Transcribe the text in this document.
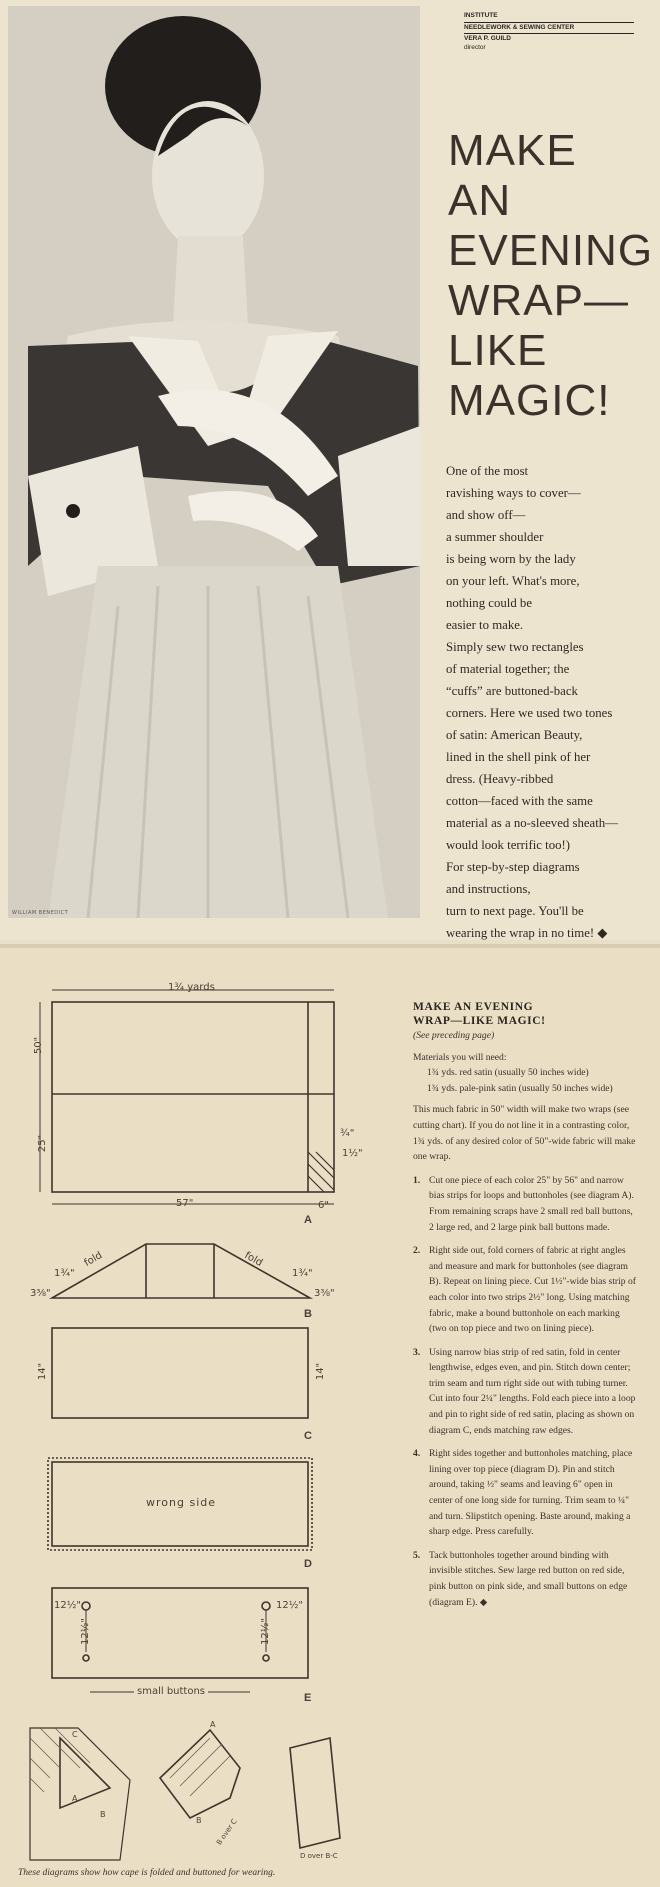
WILLIAM BENEDICT
INSTITUTE
NEEDLEWORK & SEWING CENTER
VERA P. GUILD
director
MAKE
AN
EVENING
WRAP—
LIKE
MAGIC!
One of the most
ravishing ways to cover—
and show off—
a summer shoulder
is being worn by the lady
on your left. What's more,
nothing could be
easier to make.
Simply sew two rectangles
of material together; the
“cuffs” are buttoned-back
corners. Here we used two tones
of satin: American Beauty,
lined in the shell pink of her
dress. (Heavy-ribbed
cotton—faced with the same
material as a no-sleeved sheath—
would look terrific too!)
For step-by-step diagrams
and instructions,
turn to next page. You'll be
wearing the wrap in no time! ◆
1¾ yards
50"
25"
57"	6"
¾"
1½"
A
fold	fold
1¾"
3⅜"
1¾"
3⅜"
B
14"	14"
C
wrong side
D
12½"	12½"
12½"	12½"
small buttons
E
C
A
B
A
B B over C
D over B-C
These diagrams show how cape is folded and buttoned for wearing.
MAKE AN EVENING
WRAP—LIKE MAGIC!
(See preceding page)
Materials you will need:
1¾ yds. red satin (usually 50 inches wide)
1¾ yds. pale-pink satin (usually 50 inches wide)
This much fabric in 50" width will make two wraps (see cutting chart). If you do not line it in a contrasting color, 1¾ yds. of any desired color of 50"-wide fabric will make one wrap.
1. Cut one piece of each color 25" by 56" and narrow bias strips for loops and buttonholes (see diagram A). From remaining scraps have 2 small red ball buttons, 2 large red, and 2 large pink ball buttons made.
2. Right side out, fold corners of fabric at right angles and measure and mark for buttonholes (see diagram B). Repeat on lining piece. Cut 1½"-wide bias strip of each color into two strips 2½" long. Using matching fabric, make a bound buttonhole on each marking (two on top piece and two on lining piece).
3. Using narrow bias strip of red satin, fold in center lengthwise, edges even, and pin. Stitch down center; trim seam and turn right side out with tubing turner. Cut into four 2¼" lengths. Fold each piece into a loop and pin to right side of red satin, placing as shown on diagram C, ends matching raw edges.
4. Right sides together and buttonholes matching, place lining over top piece (diagram D). Pin and stitch around, taking ½" seams and leaving 6" open in center of one long side for turning. Trim seam to ¼" and turn. Slipstitch opening. Baste around, making a sharp edge. Press carefully.
5. Tack buttonholes together around binding with invisible stitches. Sew large red button on red side, pink button on pink side, and small buttons on edge (diagram E). ◆
